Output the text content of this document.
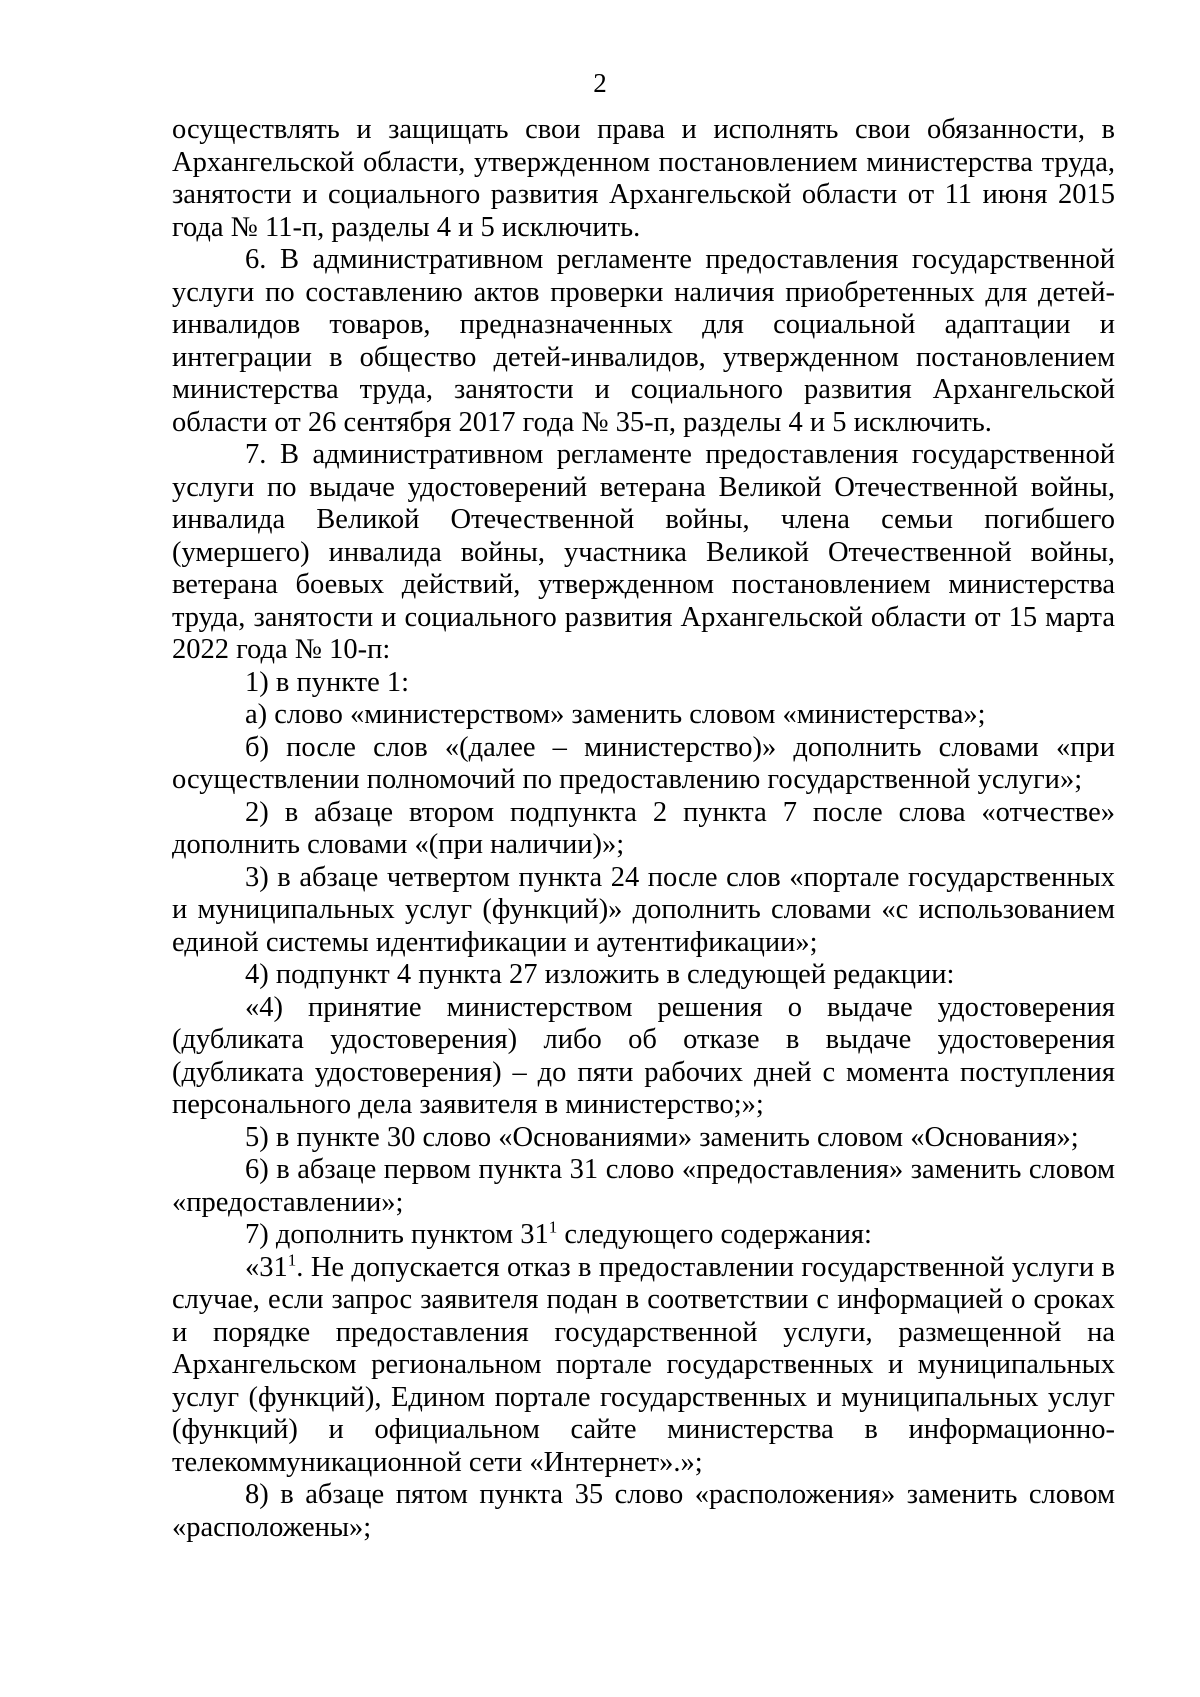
2

осуществлять и защищать свои права и исполнять свои обязанности, в Архангельской области, утвержденном постановлением министерства труда, занятости и социального развития Архангельской области от 11 июня 2015 года № 11-п, разделы 4 и 5 исключить.

6. В административном регламенте предоставления государственной услуги по составлению актов проверки наличия приобретенных для детей-инвалидов товаров, предназначенных для социальной адаптации и интеграции в общество детей-инвалидов, утвержденном постановлением министерства труда, занятости и социального развития Архангельской области от 26 сентября 2017 года № 35-п, разделы 4 и 5 исключить.

7. В административном регламенте предоставления государственной услуги по выдаче удостоверений ветерана Великой Отечественной войны, инвалида Великой Отечественной войны, члена семьи погибшего (умершего) инвалида войны, участника Великой Отечественной войны, ветерана боевых действий, утвержденном постановлением министерства труда, занятости и социального развития Архангельской области от 15 марта 2022 года № 10-п:

1) в пункте 1:

а) слово «министерством» заменить словом «министерства»;

б) после слов «(далее – министерство)» дополнить словами «при осуществлении полномочий по предоставлению государственной услуги»;

2) в абзаце втором подпункта 2 пункта 7 после слова «отчестве» дополнить словами «(при наличии)»;

3) в абзаце четвертом пункта 24 после слов «портале государственных и муниципальных услуг (функций)» дополнить словами «с использованием единой системы идентификации и аутентификации»;

4) подпункт 4 пункта 27 изложить в следующей редакции:

«4) принятие министерством решения о выдаче удостоверения (дубликата удостоверения) либо об отказе в выдаче удостоверения (дубликата удостоверения) – до пяти рабочих дней с момента поступления персонального дела заявителя в министерство;»;

5) в пункте 30 слово «Основаниями» заменить словом «Основания»;

6) в абзаце первом пункта 31 слово «предоставления» заменить словом «предоставлении»;

7) дополнить пунктом $31^1$ следующего содержания:

«$31^1$. Не допускается отказ в предоставлении государственной услуги в случае, если запрос заявителя подан в соответствии с информацией о сроках и порядке предоставления государственной услуги, размещенной на Архангельском региональном портале государственных и муниципальных услуг (функций), Едином портале государственных и муниципальных услуг (функций) и официальном сайте министерства в информационно-телекоммуникационной сети «Интернет».»;

8) в абзаце пятом пункта 35 слово «расположения» заменить словом «расположены»;
